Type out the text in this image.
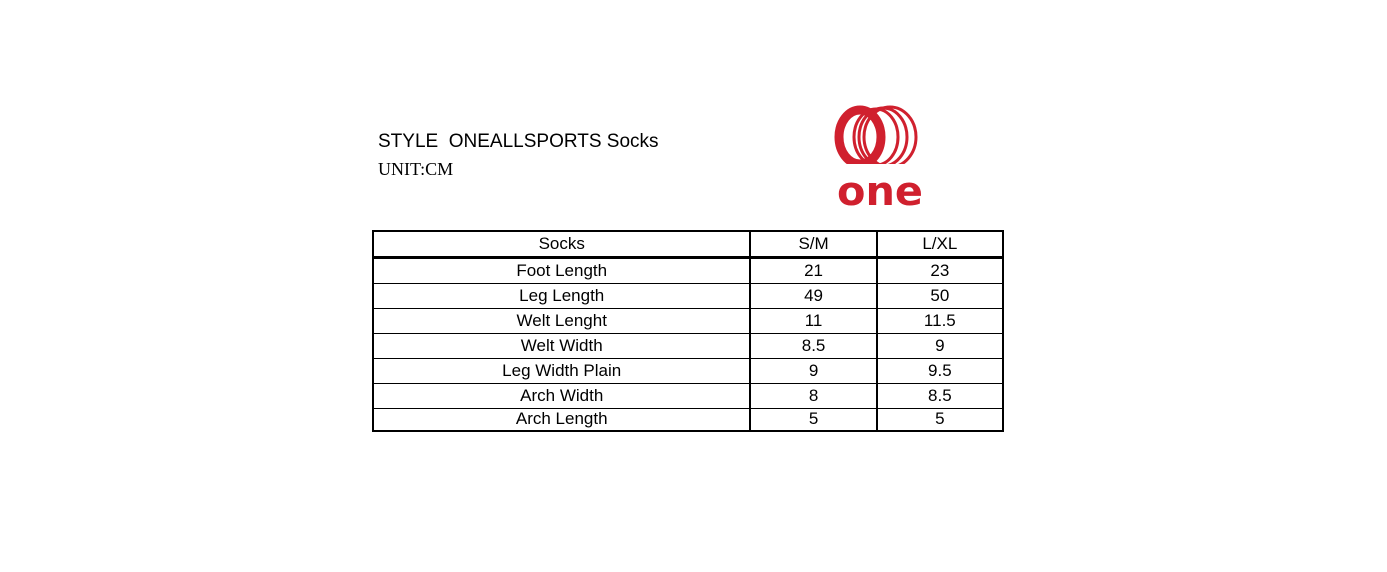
STYLE  ONEALLSPORTS Socks
UNIT:CM	one
Socks	S/M	L/XL
Foot Length	21	23
Leg Length	49	50
Welt Lenght	11	11.5
Welt Width	8.5	9
Leg Width Plain	9	9.5
Arch Width	8	8.5
Arch Length	5	5
